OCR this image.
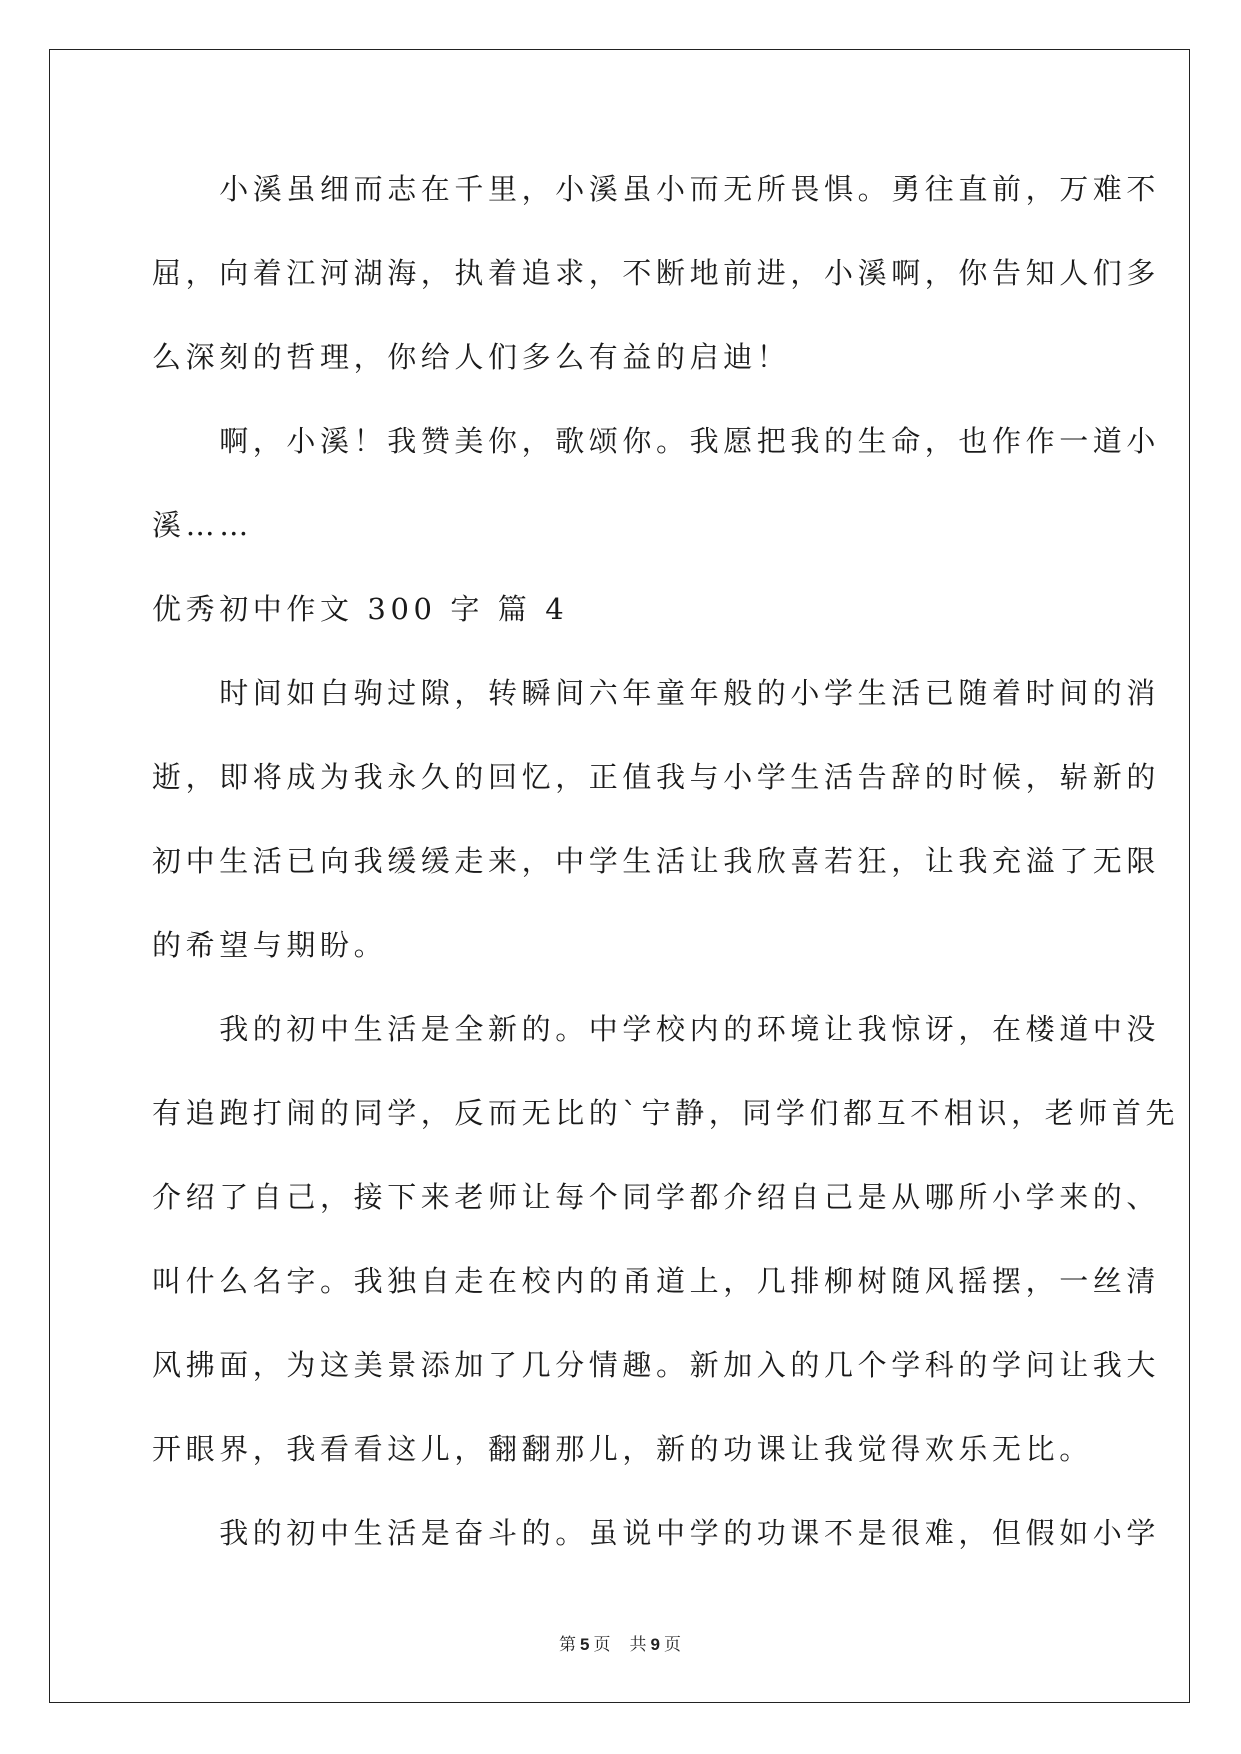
　　小溪虽细而志在千里，小溪虽小而无所畏惧。勇往直前，万难不
屈，向着江河湖海，执着追求，不断地前进，小溪啊，你告知人们多
么深刻的哲理，你给人们多么有益的启迪！
　　啊，小溪！我赞美你，歌颂你。我愿把我的生命，也作作一道小
溪……
优秀初中作文 300 字 篇 4
　　时间如白驹过隙，转瞬间六年童年般的小学生活已随着时间的消
逝，即将成为我永久的回忆，正值我与小学生活告辞的时候，崭新的
初中生活已向我缓缓走来，中学生活让我欣喜若狂，让我充溢了无限
的希望与期盼。
　　我的初中生活是全新的。中学校内的环境让我惊讶，在楼道中没
有追跑打闹的同学，反而无比的`宁静，同学们都互不相识，老师首先
介绍了自己，接下来老师让每个同学都介绍自己是从哪所小学来的、
叫什么名字。我独自走在校内的甬道上，几排柳树随风摇摆，一丝清
风拂面，为这美景添加了几分情趣。新加入的几个学科的学问让我大
开眼界，我看看这儿，翻翻那儿，新的功课让我觉得欢乐无比。
　　我的初中生活是奋斗的。虽说中学的功课不是很难，但假如小学
第 5 页　共 9 页
